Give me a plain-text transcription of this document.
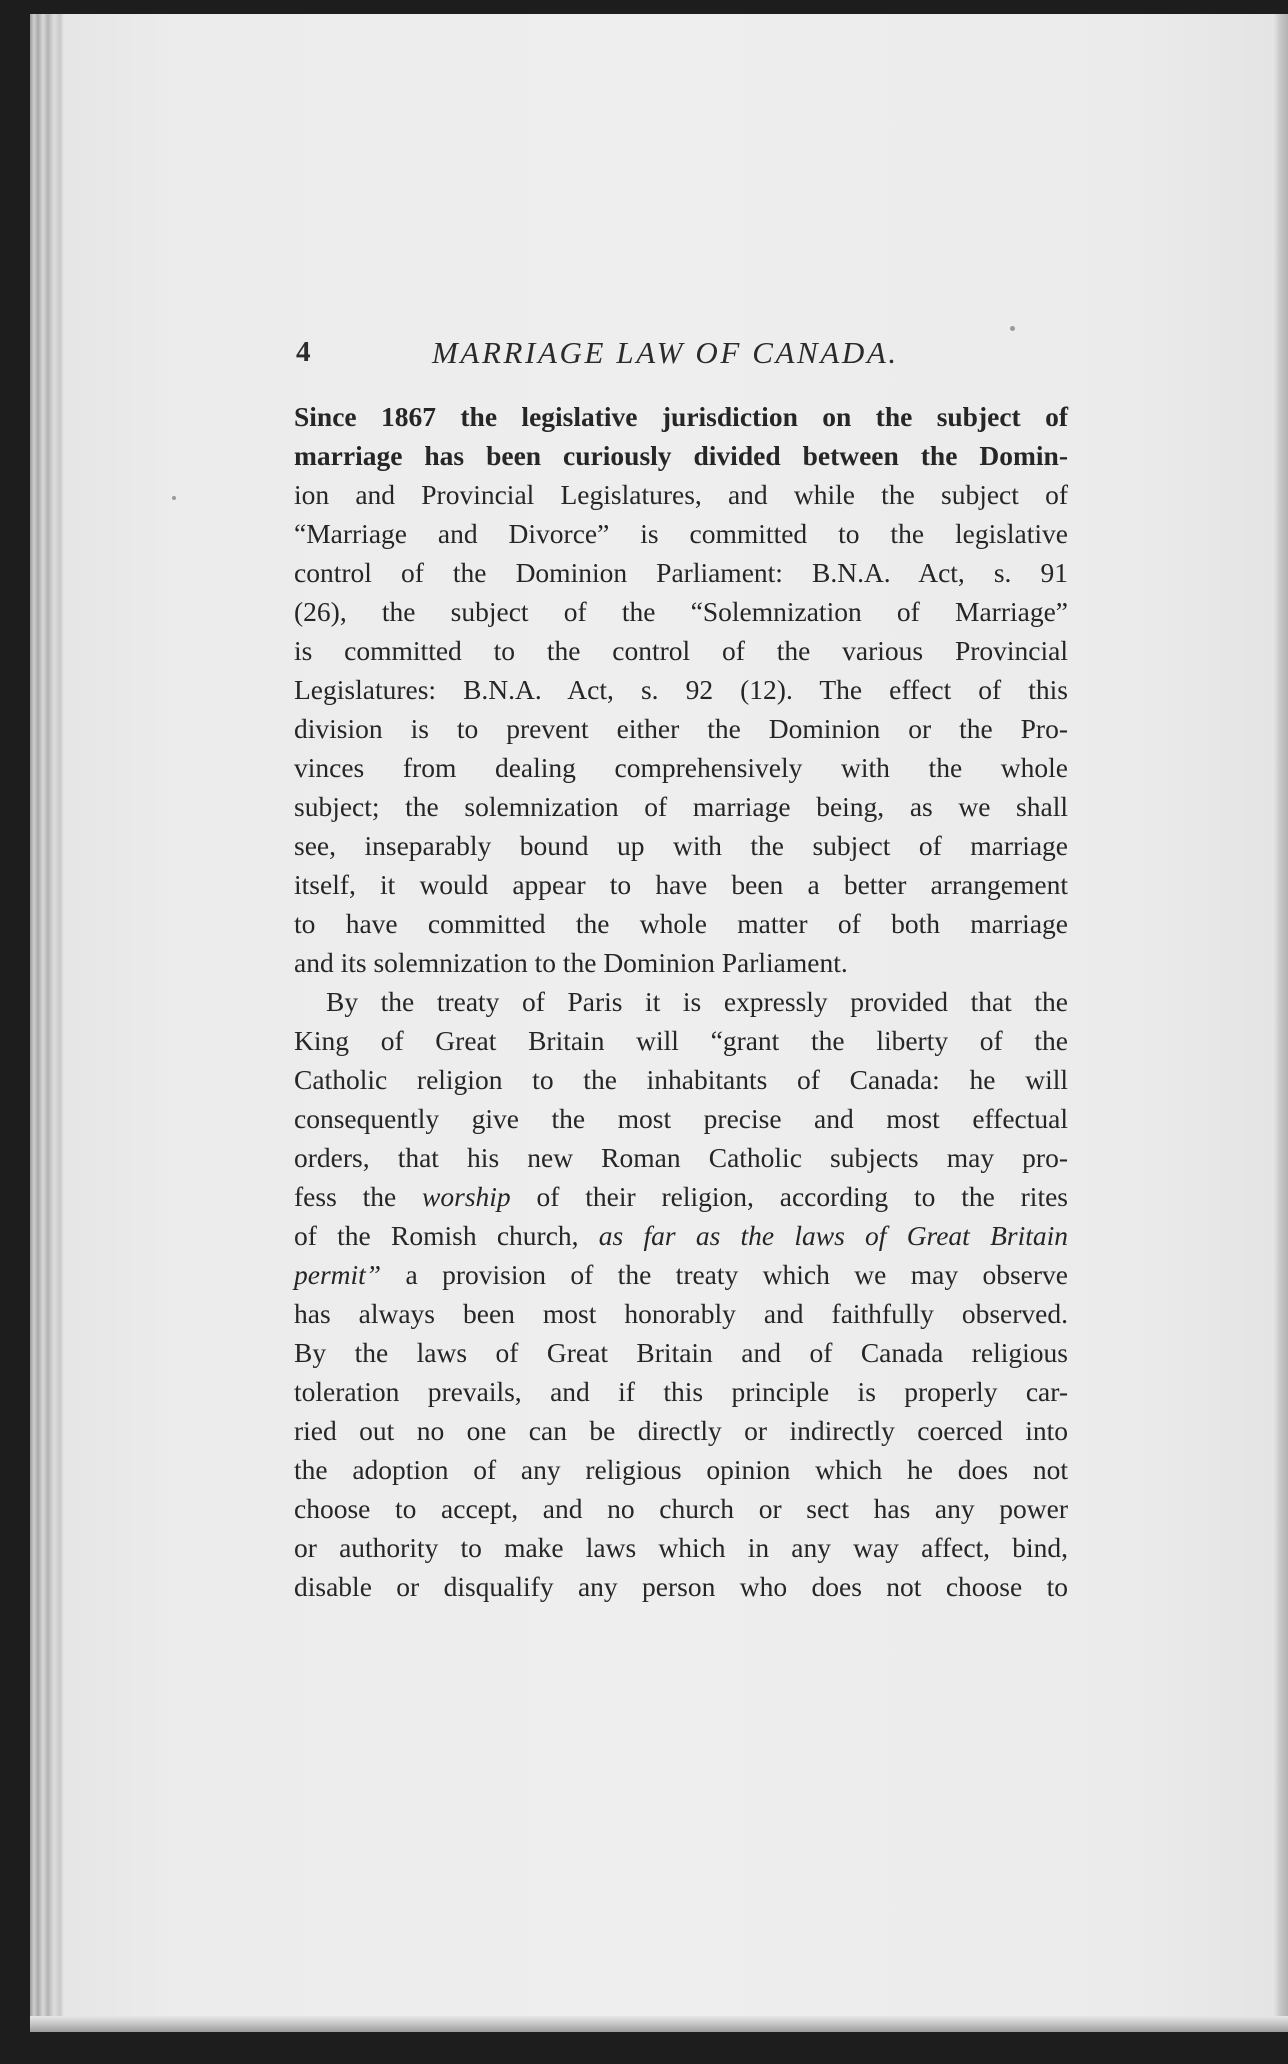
4	MARRIAGE LAW OF CANADA.
Since 1867 the legislative jurisdiction on the subject of
marriage has been curiously divided between the Domin-
ion and Provincial Legislatures, and while the subject of
“Marriage and Divorce” is committed to the legislative
control of the Dominion Parliament: B.N.A. Act, s. 91
(26), the subject of the “Solemnization of Marriage”
is committed to the control of the various Provincial
Legislatures: B.N.A. Act, s. 92 (12). The effect of this
division is to prevent either the Dominion or the Pro-
vinces from dealing comprehensively with the whole
subject; the solemnization of marriage being, as we shall
see, inseparably bound up with the subject of marriage
itself, it would appear to have been a better arrangement
to have committed the whole matter of both marriage
and its solemnization to the Dominion Parliament.
By the treaty of Paris it is expressly provided that the
King of Great Britain will “grant the liberty of the
Catholic religion to the inhabitants of Canada: he will
consequently give the most precise and most effectual
orders, that his new Roman Catholic subjects may pro-
fess the worship of their religion, according to the rites
of the Romish church, as far as the laws of Great Britain
permit” a provision of the treaty which we may observe
has always been most honorably and faithfully observed.
By the laws of Great Britain and of Canada religious
toleration prevails, and if this principle is properly car-
ried out no one can be directly or indirectly coerced into
the adoption of any religious opinion which he does not
choose to accept, and no church or sect has any power
or authority to make laws which in any way affect, bind,
disable or disqualify any person who does not choose to
